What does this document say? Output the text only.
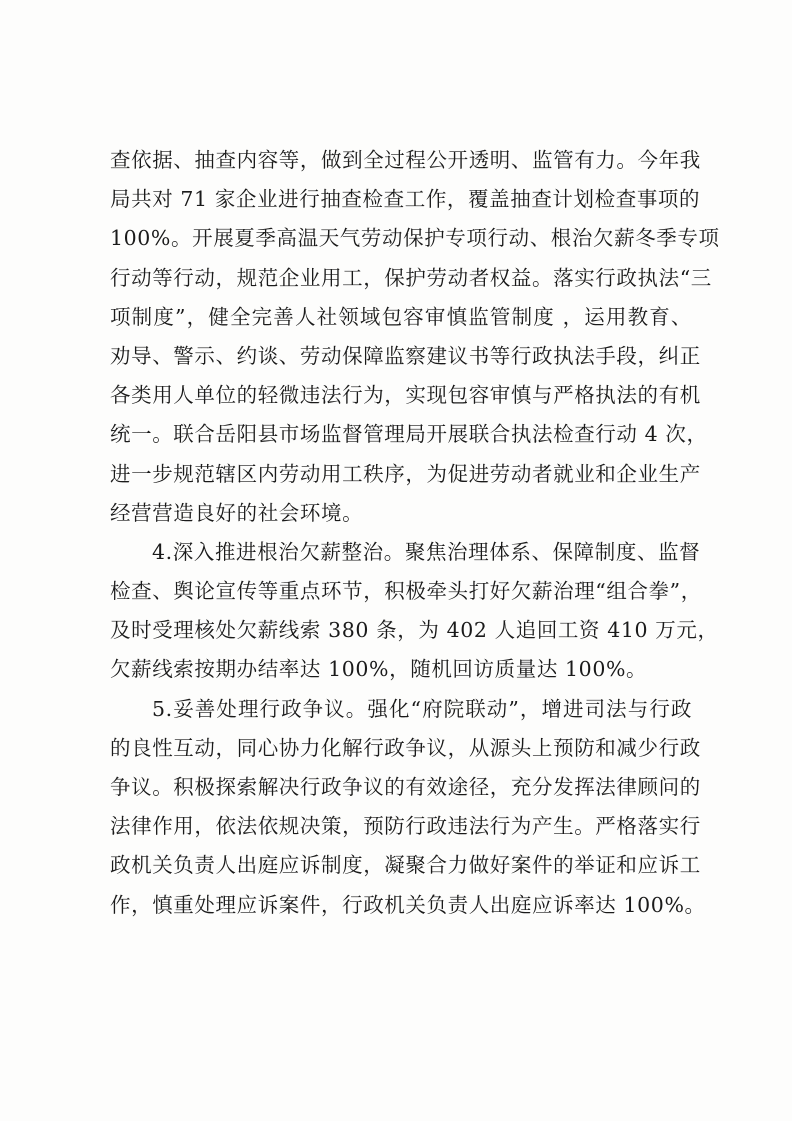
查依据、抽查内容等，做到全过程公开透明、监管有力。今年我
局共对 71 家企业进行抽查检查工作，覆盖抽查计划检查事项的
100%。开展夏季高温天气劳动保护专项行动、根治欠薪冬季专项
行动等行动，规范企业用工，保护劳动者权益。落实行政执法“三
项制度”，健全完善人社领域包容审慎监管制度 ，运用教育、
劝导、警示、约谈、劳动保障监察建议书等行政执法手段，纠正
各类用人单位的轻微违法行为，实现包容审慎与严格执法的有机
统一。联合岳阳县市场监督管理局开展联合执法检查行动 4 次，
进一步规范辖区内劳动用工秩序，为促进劳动者就业和企业生产
经营营造良好的社会环境。
4.深入推进根治欠薪整治。聚焦治理体系、保障制度、监督
检查、舆论宣传等重点环节，积极牵头打好欠薪治理“组合拳”，
及时受理核处欠薪线索 380 条，为 402 人追回工资 410 万元，
欠薪线索按期办结率达 100%，随机回访质量达 100%。
5.妥善处理行政争议。强化“府院联动”，增进司法与行政
的良性互动，同心协力化解行政争议，从源头上预防和减少行政
争议。积极探索解决行政争议的有效途径，充分发挥法律顾问的
法律作用，依法依规决策，预防行政违法行为产生。严格落实行
政机关负责人出庭应诉制度，凝聚合力做好案件的举证和应诉工
作，慎重处理应诉案件，行政机关负责人出庭应诉率达 100%。
